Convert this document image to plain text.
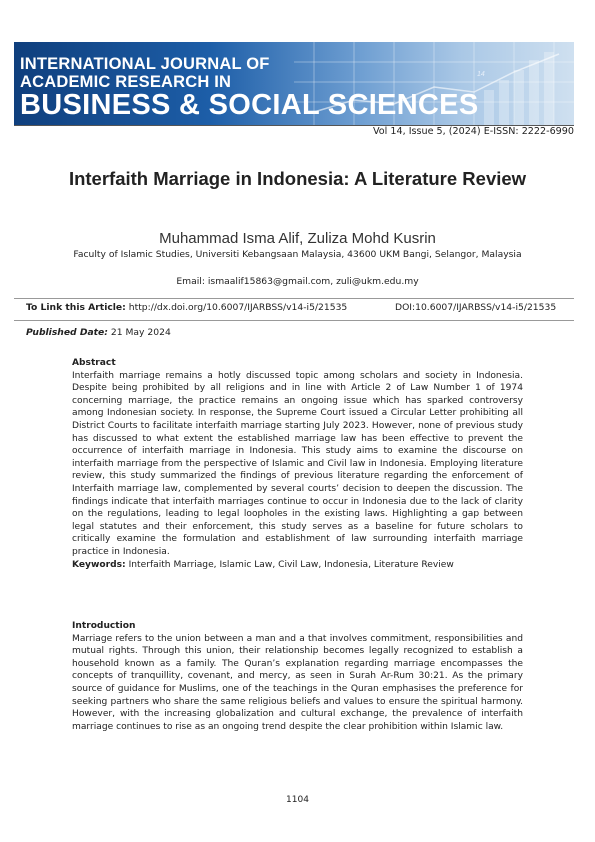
INTERNATIONAL JOURNAL OF
ACADEMIC RESEARCH IN
BUSINESS & SOCIAL SCIENCES
14
Vol 14, Issue 5, (2024) E-ISSN: 2222-6990
Interfaith Marriage in Indonesia: A Literature Review
Muhammad Isma Alif, Zuliza Mohd Kusrin
Faculty of Islamic Studies, Universiti Kebangsaan Malaysia, 43600 UKM Bangi, Selangor, Malaysia
Email: ismaalif15863@gmail.com, zuli@ukm.edu.my
To Link this Article: http://dx.doi.org/10.6007/IJARBSS/v14-i5/21535	DOI:10.6007/IJARBSS/v14-i5/21535
Published Date: 21 May 2024
Abstract
Interfaith marriage remains a hotly discussed topic among scholars and society in Indonesia. Despite being prohibited by all religions and in line with Article 2 of Law Number 1 of 1974 concerning marriage, the practice remains an ongoing issue which has sparked controversy among Indonesian society. In response, the Supreme Court issued a Circular Letter prohibiting all District Courts to facilitate interfaith marriage starting July 2023. However, none of previous study has discussed to what extent the established marriage law has been effective to prevent the occurrence of interfaith marriage in Indonesia. This study aims to examine the discourse on interfaith marriage from the perspective of Islamic and Civil law in Indonesia. Employing literature review, this study summarized the findings of previous literature regarding the enforcement of Interfaith marriage law, complemented by several courts’ decision to deepen the discussion. The findings indicate that interfaith marriages continue to occur in Indonesia due to the lack of clarity on the regulations, leading to legal loopholes in the existing laws. Highlighting a gap between legal statutes and their enforcement, this study serves as a baseline for future scholars to critically examine the formulation and establishment of law surrounding interfaith marriage practice in Indonesia.
Keywords: Interfaith Marriage, Islamic Law, Civil Law, Indonesia, Literature Review
Introduction
Marriage refers to the union between a man and a that involves commitment, responsibilities and mutual rights. Through this union, their relationship becomes legally recognized to establish a household known as a family. The Quran’s explanation regarding marriage encompasses the concepts of tranquillity, covenant, and mercy, as seen in Surah Ar-Rum 30:21. As the primary source of guidance for Muslims, one of the teachings in the Quran emphasises the preference for seeking partners who share the same religious beliefs and values to ensure the spiritual harmony. However, with the increasing globalization and cultural exchange, the prevalence of interfaith marriage continues to rise as an ongoing trend despite the clear prohibition within Islamic law.
1104
